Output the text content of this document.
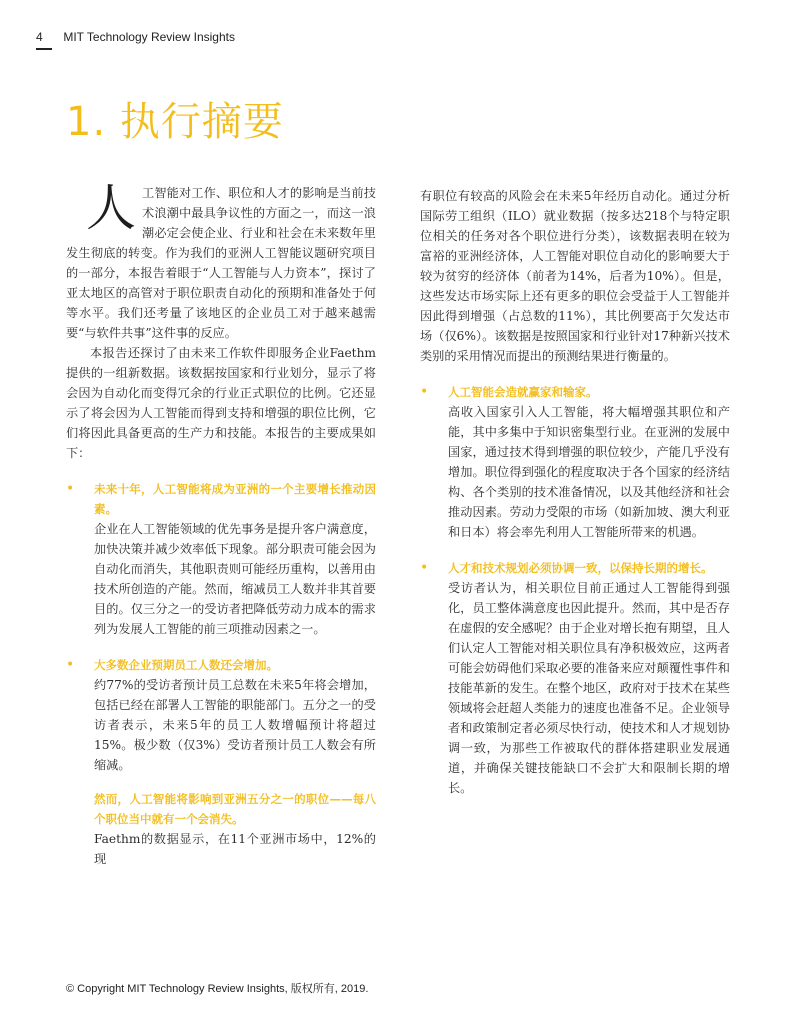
4 MIT Technology Review Insights
1. 执行摘要

人工智能对工作、职位和人才的影响是当前技术浪潮中最具争议性的方面之一，而这一浪潮必定会使企业、行业和社会在未来数年里发生彻底的转变。作为我们的亚洲人工智能议题研究项目的一部分，本报告着眼于“人工智能与人力资本”，探讨了亚太地区的高管对于职位职责自动化的预期和准备处于何等水平。我们还考量了该地区的企业员工对于越来越需要“与软件共事”这件事的反应。

本报告还探讨了由未来工作软件即服务企业Faethm提供的一组新数据。该数据按国家和行业划分，显示了将会因为自动化而变得冗余的行业正式职位的比例。它还显示了将会因为人工智能而得到支持和增强的职位比例，它们将因此具备更高的生产力和技能。本报告的主要成果如下：

• 未来十年，人工智能将成为亚洲的一个主要增长推动因素。

企业在人工智能领域的优先事务是提升客户满意度，加快决策并减少效率低下现象。部分职责可能会因为自动化而消失，其他职责则可能经历重构，以善用由技术所创造的产能。然而，缩减员工人数并非其首要目的。仅三分之一的受访者把降低劳动力成本的需求列为发展人工智能的前三项推动因素之一。

• 大多数企业预期员工人数还会增加。

约77%的受访者预计员工总数在未来5年将会增加，包括已经在部署人工智能的职能部门。五分之一的受访者表示，未来5年的员工人数增幅预计将超过15%。极少数（仅3%）受访者预计员工人数会有所缩减。

然而，人工智能将影响到亚洲五分之一的职位——每八个职位当中就有一个会消失。

Faethm的数据显示，在11个亚洲市场中，12%的现

有职位有较高的风险会在未来5年经历自动化。通过分析国际劳工组织（ILO）就业数据（按多达218个与特定职位相关的任务对各个职位进行分类），该数据表明在较为富裕的亚洲经济体，人工智能对职位自动化的影响要大于较为贫穷的经济体（前者为14%，后者为10%）。但是，这些发达市场实际上还有更多的职位会受益于人工智能并因此得到增强（占总数的11%），其比例要高于欠发达市场（仅6%）。该数据是按照国家和行业针对17种新兴技术类别的采用情况而提出的预测结果进行衡量的。

• 人工智能会造就赢家和输家。

高收入国家引入人工智能，将大幅增强其职位和产能，其中多集中于知识密集型行业。在亚洲的发展中国家，通过技术得到增强的职位较少，产能几乎没有增加。职位得到强化的程度取决于各个国家的经济结构、各个类别的技术准备情况，以及其他经济和社会推动因素。劳动力受限的市场（如新加坡、澳大利亚和日本）将会率先利用人工智能所带来的机遇。

• 人才和技术规划必须协调一致，以保持长期的增长。

受访者认为，相关职位目前正通过人工智能得到强化，员工整体满意度也因此提升。然而，其中是否存在虚假的安全感呢？由于企业对增长抱有期望，且人们认定人工智能对相关职位具有净积极效应，这两者可能会妨碍他们采取必要的准备来应对颠覆性事件和技能革新的发生。在整个地区，政府对于技术在某些领域将会赶超人类能力的速度也准备不足。企业领导者和政策制定者必须尽快行动，使技术和人才规划协调一致，为那些工作被取代的群体搭建职业发展通道，并确保关键技能缺口不会扩大和限制长期的增长。

© Copyright MIT Technology Review Insights, 版权所有, 2019.
